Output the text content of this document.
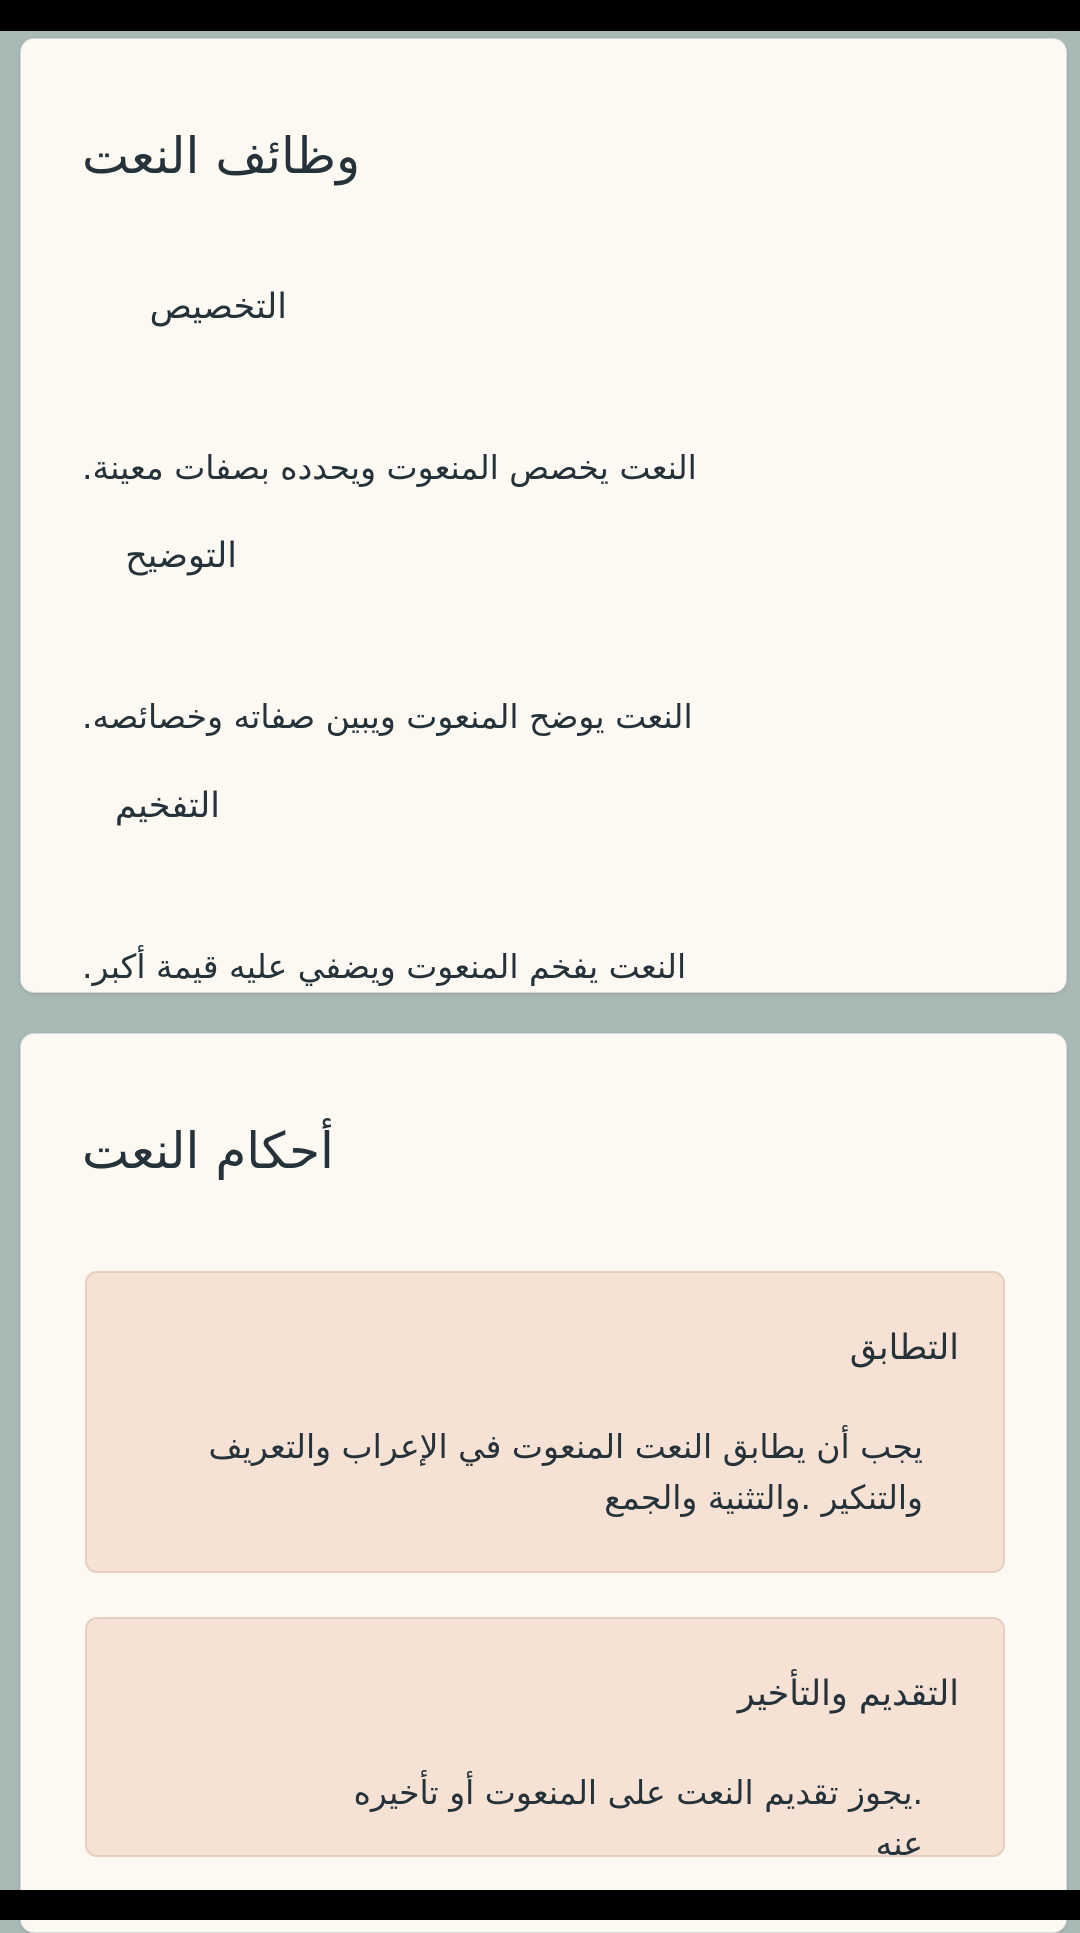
وظائف النعت
التخصيص
.النعت يخصص المنعوت ويحدده بصفات معينة
التوضيح
.النعت يوضح المنعوت ويبين صفاته وخصائصه
التفخيم
.النعت يفخم المنعوت ويضفي عليه قيمة أكبر
أحكام النعت
التطابق
يجب أن يطابق النعت المنعوت في الإعراب والتعريف والتنكير .والتثنية والجمع
التقديم والتأخير
.يجوز تقديم النعت على المنعوت أو تأخيره عنه
